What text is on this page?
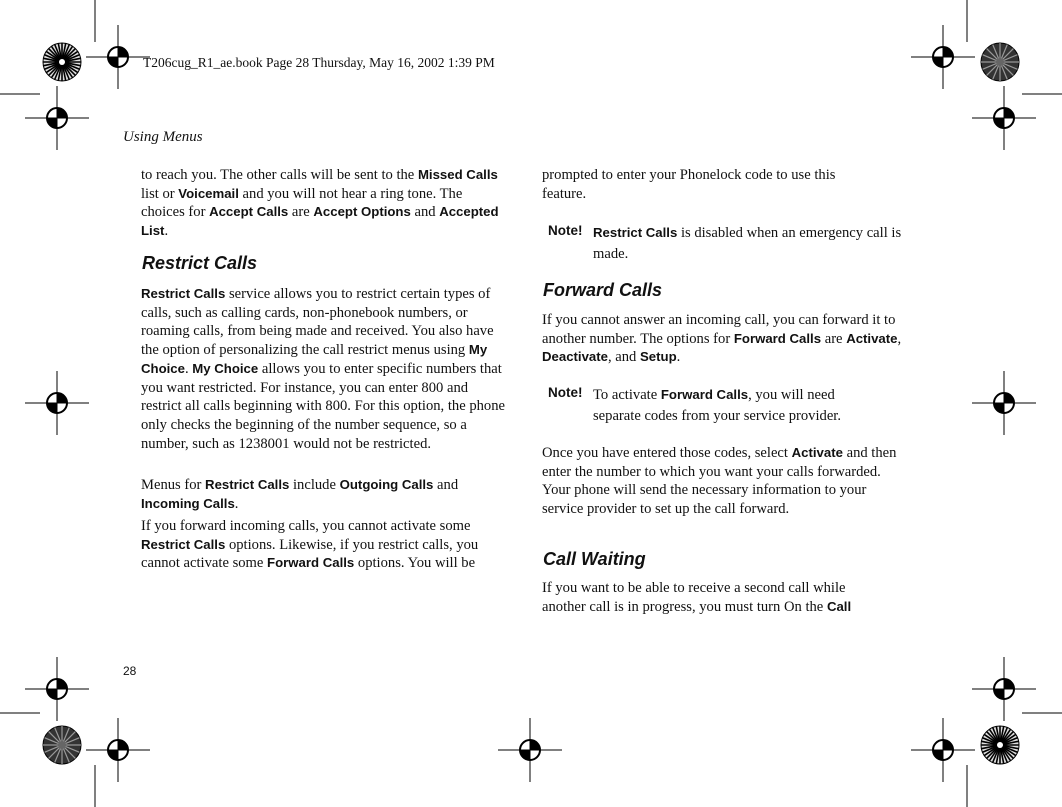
T206cug_R1_ae.book Page 28 Thursday, May 16, 2002 1:39 PM
Using Menus
28

to reach you. The other calls will be sent to the Missed Calls list or Voicemail and you will not hear a ring tone. The choices for Accept Calls are Accept Options and Accepted List.

Restrict Calls

Restrict Calls service allows you to restrict certain types of calls, such as calling cards, non-phonebook numbers, or roaming calls, from being made and received. You also have the option of personalizing the call restrict menus using My Choice. My Choice allows you to enter specific numbers that you want restricted. For instance, you can enter 800 and restrict all calls beginning with 800. For this option, the phone only checks the beginning of the number sequence, so a number, such as 1238001 would not be restricted.

Menus for Restrict Calls include Outgoing Calls and Incoming Calls.

If you forward incoming calls, you cannot activate some Restrict Calls options. Likewise, if you restrict calls, you cannot activate some Forward Calls options. You will be

prompted to enter your Phonelock code to use this feature.
Note! Restrict Calls is disabled when an emergency call is made.
Forward Calls
If you cannot answer an incoming call, you can forward it to another number. The options for Forward Calls are Activate, Deactivate, and Setup.
Note! To activate Forward Calls, you will need separate codes from your service provider.
Once you have entered those codes, select Activate and then enter the number to which you want your calls forwarded. Your phone will send the necessary information to your service provider to set up the call forward.
Call Waiting
If you want to be able to receive a second call while another call is in progress, you must turn On the Call
